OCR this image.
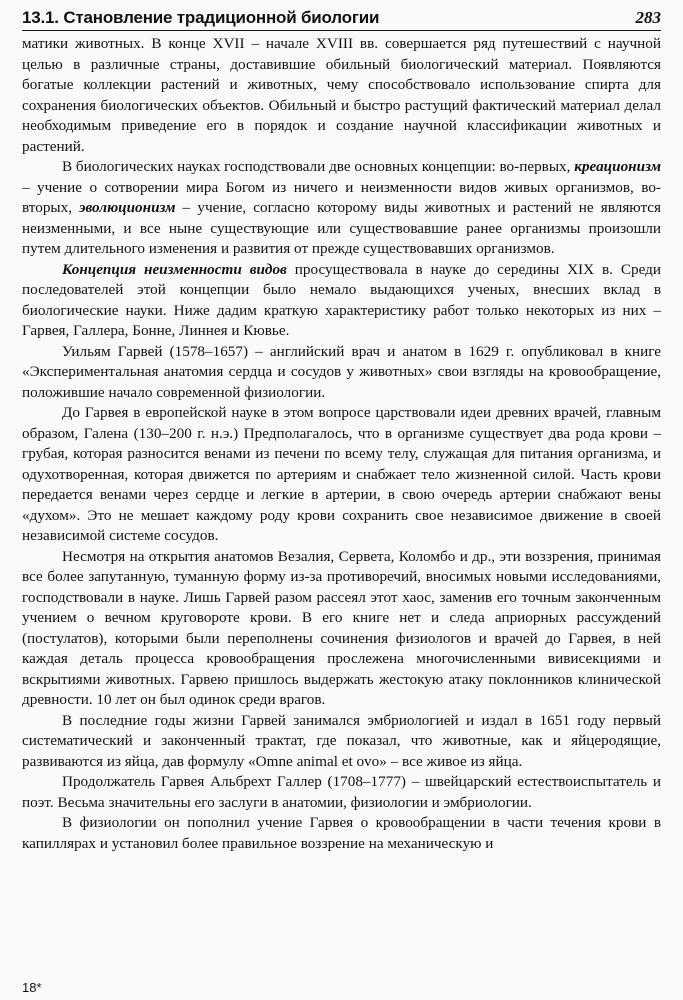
13.1. Становление традиционной биологии	283

матики животных. В конце XVII – начале XVIII вв. совершается ряд путешествий с научной целью в различные страны, доставившие обильный биологический материал. Появляются богатые коллекции растений и животных, чему способствовало использование спирта для сохранения биологических объектов. Обильный и быстро растущий фактический материал делал необходимым приведение его в порядок и создание научной классификации животных и растений.

В биологических науках господствовали две основных концепции: во-первых, креационизм – учение о сотворении мира Богом из ничего и неизменности видов живых организмов, во-вторых, эволюционизм – учение, согласно которому виды животных и растений не являются неизменными, и все ныне существующие или существовавшие ранее организмы произошли путем длительного изменения и развития от прежде существовавших организмов.

Концепция неизменности видов просуществовала в науке до середины XIX в. Среди последователей этой концепции было немало выдающихся ученых, внесших вклад в биологические науки. Ниже дадим краткую характеристику работ только некоторых из них – Гарвея, Галлера, Бонне, Линнея и Кювье.

Уильям Гарвей (1578–1657) – английский врач и анатом в 1629 г. опубликовал в книге «Экспериментальная анатомия сердца и сосудов у животных» свои взгляды на кровообращение, положившие начало современной физиологии.

До Гарвея в европейской науке в этом вопросе царствовали идеи древних врачей, главным образом, Галена (130–200 г. н.э.) Предполагалось, что в организме существует два рода крови – грубая, которая разносится венами из печени по всему телу, служащая для питания организма, и одухотворенная, которая движется по артериям и снабжает тело жизненной силой. Часть крови передается венами через сердце и легкие в артерии, в свою очередь артерии снабжают вены «духом». Это не мешает каждому роду крови сохранить свое независимое движение в своей независимой системе сосудов.

Несмотря на открытия анатомов Везалия, Сервета, Коломбо и др., эти воззрения, принимая все более запутанную, туманную форму из-за противоречий, вносимых новыми исследованиями, господствовали в науке. Лишь Гарвей разом рассеял этот хаос, заменив его точным законченным учением о вечном круговороте крови. В его книге нет и следа априорных рассуждений (постулатов), которыми были переполнены сочинения физиологов и врачей до Гарвея, в ней каждая деталь процесса кровообращения прослежена многочисленными вивисекциями и вскрытиями животных. Гарвею пришлось выдержать жестокую атаку поклонников клинической древности. 10 лет он был одинок среди врагов.

В последние годы жизни Гарвей занимался эмбриологией и издал в 1651 году первый систематический и законченный трактат, где показал, что животные, как и яйцеродящие, развиваются из яйца, дав формулу «Omne animal et ovo» – все живое из яйца.

Продолжатель Гарвея Альбрехт Галлер (1708–1777) – швейцарский естествоиспытатель и поэт. Весьма значительны его заслуги в анатомии, физиологии и эмбриологии.

В физиологии он пополнил учение Гарвея о кровообращении в части течения крови в капиллярах и установил более правильное воззрение на механическую и

18*
